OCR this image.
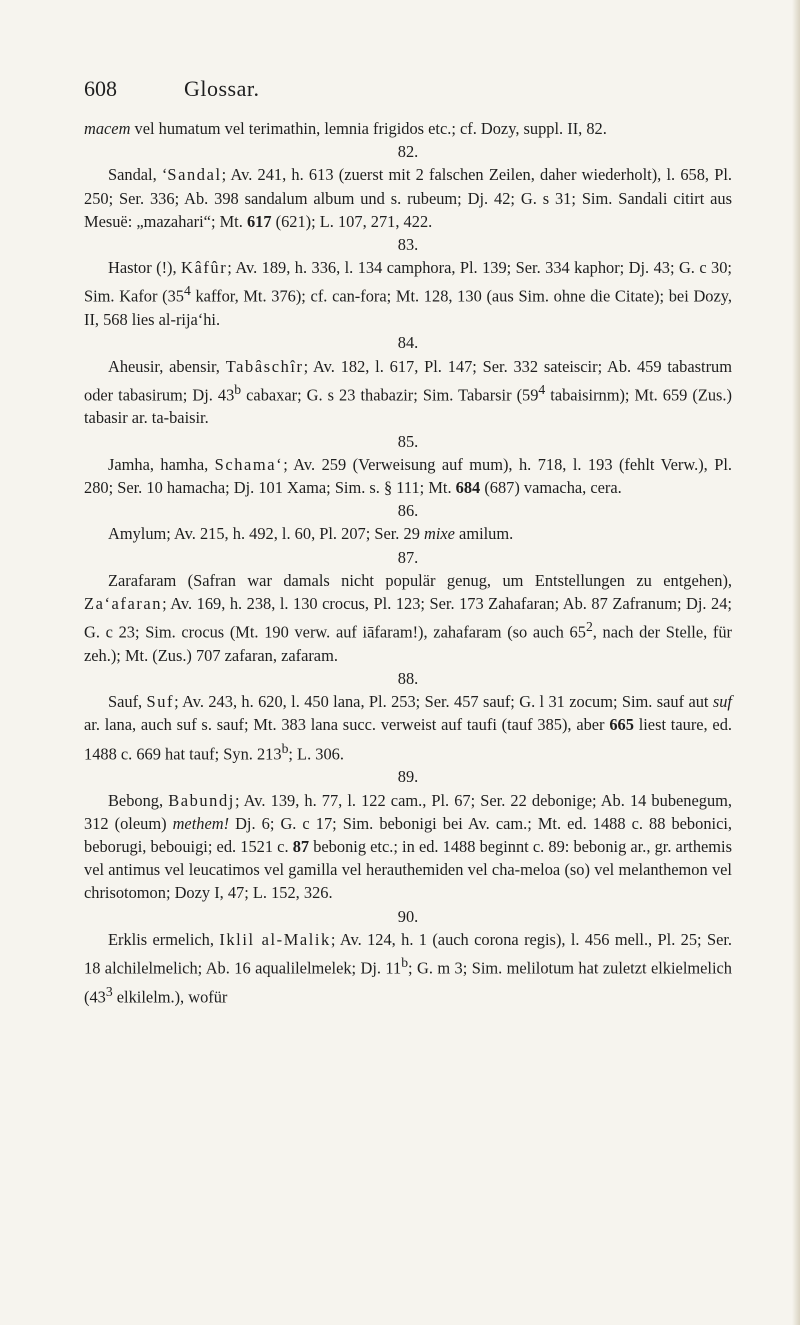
608	Glossar.

macem vel humatum vel terimathin, lemnia frigidos etc.; cf. Dozy, suppl. II, 82.

82.

Sandal, ‘Sandal; Av. 241, h. 613 (zuerst mit 2 falschen Zeilen, daher wiederholt), l. 658, Pl. 250; Ser. 336; Ab. 398 sandalum album und s. rubeum; Dj. 42; G. s 31; Sim. Sandali citirt aus Mesuë: „mazahari“; Mt. 617 (621); L. 107, 271, 422.

83.

Hastor (!), Kâfûr; Av. 189, h. 336, l. 134 camphora, Pl. 139; Ser. 334 kaphor; Dj. 43; G. c 30; Sim. Kafor ($35^4$ kaffor, Mt. 376); cf. can-fora; Mt. 128, 130 (aus Sim. ohne die Citate); bei Dozy, II, 568 lies al-rija‘hi.

84.

Aheusir, abensir, Tabâschîr; Av. 182, l. 617, Pl. 147; Ser. 332 sateiscir; Ab. 459 tabastrum oder tabasirum; Dj. 43$^b$ cabaxar; G. s 23 thabazir; Sim. Tabarsir ($59^4$ tabaisirnm); Mt. 659 (Zus.) tabasir ar. ta-baisir.

85.

Jamha, hamha, Schama‘; Av. 259 (Verweisung auf mum), h. 718, l. 193 (fehlt Verw.), Pl. 280; Ser. 10 hamacha; Dj. 101 Xama; Sim. s. § 111; Mt. 684 (687) vamacha, cera.

86.

Amylum; Av. 215, h. 492, l. 60, Pl. 207; Ser. 29 mixe amilum.

87.

Zarafaram (Safran war damals nicht populär genug, um Entstellungen zu entgehen), Za‘afaran; Av. 169, h. 238, l. 130 crocus, Pl. 123; Ser. 173 Zahafaran; Ab. 87 Zafranum; Dj. 24; G. c 23; Sim. crocus (Mt. 190 verw. auf iāfaram!), zahafaram (so auch $65^2$, nach der Stelle, für zeh.); Mt. (Zus.) 707 zafaran, zafaram.

88.

Sauf, Suf; Av. 243, h. 620, l. 450 lana, Pl. 253; Ser. 457 sauf; G. l 31 zocum; Sim. sauf aut suf ar. lana, auch suf s. sauf; Mt. 383 lana succ. verweist auf taufi (tauf 385), aber 665 liest taure, ed. 1488 c. 669 hat tauf; Syn. 213$^b$; L. 306.

89.

Bebong, Babundj; Av. 139, h. 77, l. 122 cam., Pl. 67; Ser. 22 debonige; Ab. 14 bubenegum, 312 (oleum) methem! Dj. 6; G. c 17; Sim. bebonigi bei Av. cam.; Mt. ed. 1488 c. 88 bebonici, beborugi, bebouigi; ed. 1521 c. 87 bebonig etc.; in ed. 1488 beginnt c. 89: bebonig ar., gr. arthemis vel antimus vel leucatimos vel gamilla vel herauthemiden vel cha-meloa (so) vel melanthemon vel chrisotomon; Dozy I, 47; L. 152, 326.

90.

Erklis ermelich, Iklil al-Malik; Av. 124, h. 1 (auch corona regis), l. 456 mell., Pl. 25; Ser. 18 alchilelmelich; Ab. 16 aqualilelmelek; Dj. 11$^b$; G. m 3; Sim. melilotum hat zuletzt elkielmelich ($43^3$ elkilelm.), wofür
